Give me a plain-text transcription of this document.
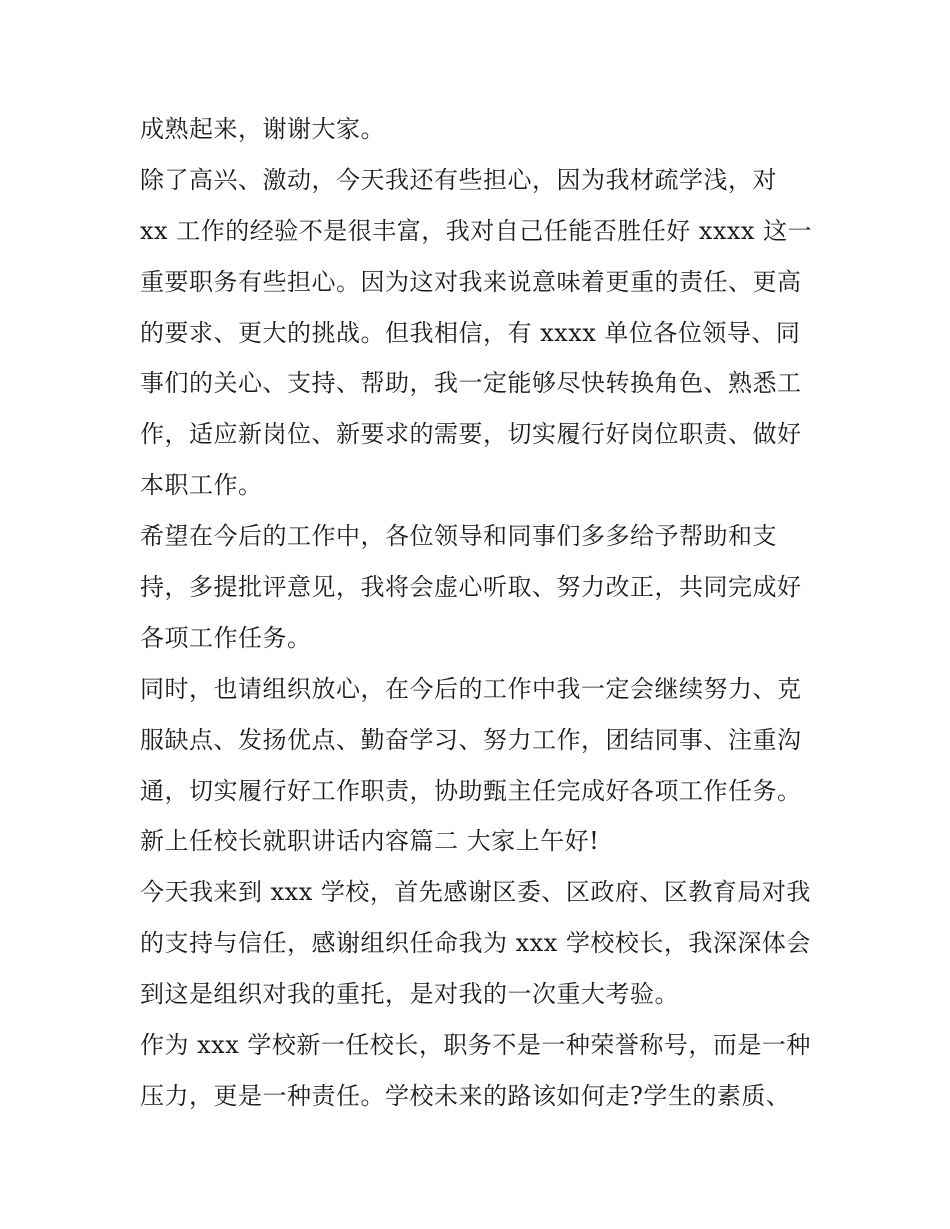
成熟起来，谢谢大家。
除了高兴、激动，今天我还有些担心，因为我材疏学浅，对
xx 工作的经验不是很丰富，我对自己任能否胜任好 xxxx 这一
重要职务有些担心。因为这对我来说意味着更重的责任、更高
的要求、更大的挑战。但我相信，有 xxxx 单位各位领导、同
事们的关心、支持、帮助，我一定能够尽快转换角色、熟悉工
作，适应新岗位、新要求的需要，切实履行好岗位职责、做好
本职工作。
希望在今后的工作中，各位领导和同事们多多给予帮助和支
持，多提批评意见，我将会虚心听取、努力改正，共同完成好
各项工作任务。
同时，也请组织放心，在今后的工作中我一定会继续努力、克
服缺点、发扬优点、勤奋学习、努力工作，团结同事、注重沟
通，切实履行好工作职责，协助甄主任完成好各项工作任务。
新上任校长就职讲话内容篇二 大家上午好!
今天我来到 xxx 学校，首先感谢区委、区政府、区教育局对我
的支持与信任，感谢组织任命我为 xxx 学校校长，我深深体会
到这是组织对我的重托，是对我的一次重大考验。
作为 xxx 学校新一任校长，职务不是一种荣誉称号，而是一种
压力，更是一种责任。学校未来的路该如何走?学生的素质、
